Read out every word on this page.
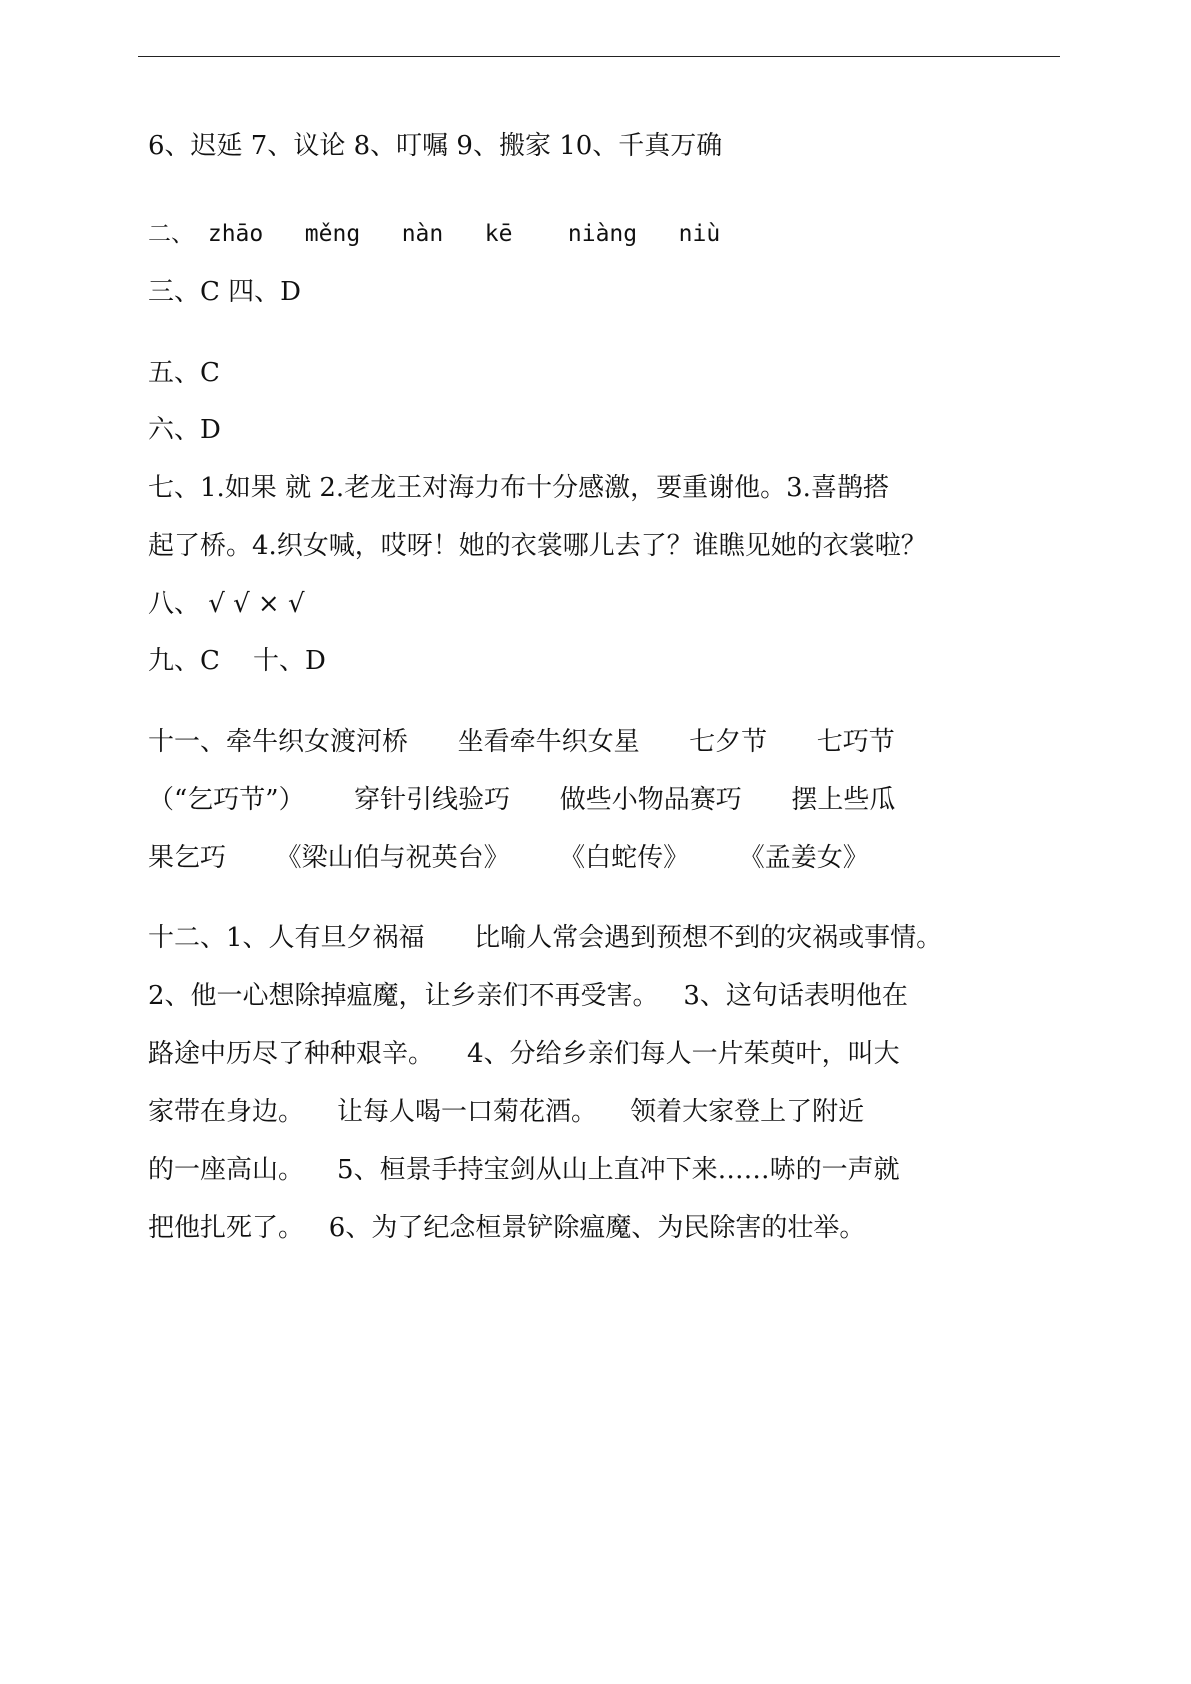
6、迟延 7、议论 8、叮嘱 9、搬家 10、千真万确

二、 zhāo   měng   nàn   kē    niàng   niù

三、C 四、D

五、C

六、D

七、1.如果 就 2.老龙王对海力布十分感激，要重谢他。3.喜鹊搭

起了桥。4.织女喊，哎呀！她的衣裳哪儿去了？谁瞧见她的衣裳啦？

八、 √ √ × √

九、C    十、D

十一、牵牛织女渡河桥      坐看牵牛织女星      七夕节      七巧节

（“乞巧节”）      穿针引线验巧      做些小物品赛巧      摆上些瓜

果乞巧      《梁山伯与祝英台》      《白蛇传》      《孟姜女》

十二、1、人有旦夕祸福      比喻人常会遇到预想不到的灾祸或事情。

2、他一心想除掉瘟魔，让乡亲们不再受害。   3、这句话表明他在

路途中历尽了种种艰辛。    4、分给乡亲们每人一片茱萸叶，叫大

家带在身边。    让每人喝一口菊花酒。    领着大家登上了附近

的一座高山。    5、桓景手持宝剑从山上直冲下来……哧的一声就

把他扎死了。   6、为了纪念桓景铲除瘟魔、为民除害的壮举。
